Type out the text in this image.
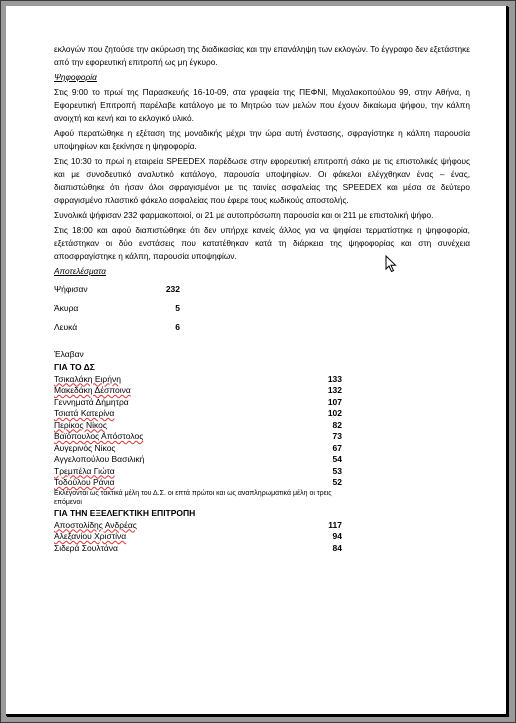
εκλογών που ζητούσε την ακύρωση της διαδικασίας και την επανάληψη των εκλογών. Το έγγραφο δεν εξετάστηκε από την εφορευτική επιτροπή ως μη έγκυρο.
Ψηφοφορία
Στις 9:00 το πρωί της Παρασκευής 16-10-09, στα γραφεία της ΠΕΦΝΙ, Μιχαλακοπούλου 99, στην Αθήνα, η Εφορευτική Επιτροπή παρέλαβε κατάλογο με το Μητρώο των μελών που έχουν δικαίωμα ψήφου, την κάλπη ανοιχτή και κενή και το εκλογικό υλικό.
Αφού περατώθηκε η εξέταση της μοναδικής μέχρι την ώρα αυτή ένστασης, σφραγίστηκε η κάλπη παρουσία υποψηφίων και ξεκίνησε η ψηφοφορία.
Στις 10:30 το πρωί η εταιρεία SPEEDEX παρέδωσε στην εφορευτική επιτροπή σάκο με τις επιστολικές ψήφους και με συνοδευτικό αναλυτικό κατάλογο, παρουσία υποψηφίων. Οι φάκελοι ελέγχθηκαν ένας – ένας, διαπιστώθηκε ότι ήσαν όλοι σφραγισμένοι με τις ταινίες ασφαλείας της SPEEDEX και μέσα σε δεύτερο σφραγισμένο πλαστικό φάκελο ασφαλείας που έφερε τους κωδικούς αποστολής.
Συνολικά ψήφισαν 232 φαρμακοποιοί, οι 21 με αυτοπρόσωπη παρουσία και οι 211 με επιστολική ψήφο.
Στις 18:00 και αφού διαπιστώθηκε ότι δεν υπήρχε κανείς άλλος για να ψηφίσει τερματίστηκε η ψηφοφορία, εξετάστηκαν οι δύο ενστάσεις που κατατέθηκαν κατά τη διάρκεια της ψηφοφορίας και στη συνέχεια αποσφραγίστηκε η κάλπη, παρουσία υποψηφίων.
Αποτελέσματα
Ψήφισαν	232
Άκυρα	5
Λευκά	6
Έλαβαν
ΓΙΑ ΤΟ ΔΣ
Τσικαλάκη Ειρήνη	133
Μακεδάκη Δέσποινα	132
Γεννηματά Δήμητρα	107
Τσιατά Κατερίνα	102
Περίκος Νίκος	82
Βαϊόπουλος Απόστολος	73
Αυγερινός Νίκος	67
Αγγελοπούλου Βασιλική	54
Τρεμπέλα Γιώτα	53
Τοδούλου Ράνια	52
Εκλέγονται ως τακτικά μέλη του Δ.Σ. οι επτά πρώτοι και ως αναπληρωματικά μέλη οι τρεις επόμενοι
ΓΙΑ ΤΗΝ ΕΞΕΛΕΓΚΤΙΚΗ ΕΠΙΤΡΟΠΗ
Αποστολίδης Ανδρέας	117
Αλεξανίου Χριστίνα	94
Σιδερά Σουλτάνα	84
